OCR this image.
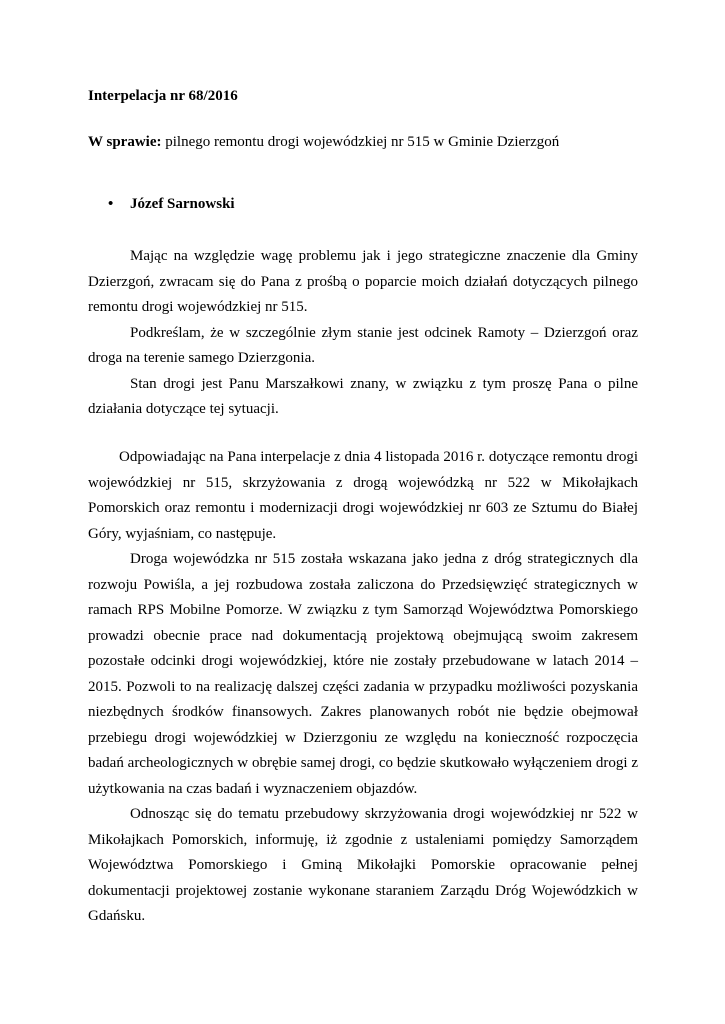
Interpelacja nr 68/2016
W sprawie: pilnego remontu drogi wojewódzkiej nr 515 w Gminie Dzierzgoń
• Józef Sarnowski

Mając na względzie wagę problemu jak i jego strategiczne znaczenie dla Gminy Dzierzgoń, zwracam się do Pana z prośbą o poparcie moich działań dotyczących pilnego remontu drogi wojewódzkiej nr 515.

Podkreślam, że w szczególnie złym stanie jest odcinek Ramoty – Dzierzgoń oraz droga na terenie samego Dzierzgonia.

Stan drogi jest Panu Marszałkowi znany, w związku z tym proszę Pana o pilne działania dotyczące tej sytuacji.

Odpowiadając na Pana interpelacje z dnia 4 listopada 2016 r. dotyczące remontu drogi wojewódzkiej nr 515, skrzyżowania z drogą wojewódzką nr 522 w Mikołajkach Pomorskich oraz remontu i modernizacji drogi wojewódzkiej nr 603 ze Sztumu do Białej Góry, wyjaśniam, co następuje.

Droga wojewódzka nr 515 została wskazana jako jedna z dróg strategicznych dla rozwoju Powiśla, a jej rozbudowa została zaliczona do Przedsięwzięć strategicznych w ramach RPS Mobilne Pomorze. W związku z tym Samorząd Województwa Pomorskiego prowadzi obecnie prace nad dokumentacją projektową obejmującą swoim zakresem pozostałe odcinki drogi wojewódzkiej, które nie zostały przebudowane w latach 2014 – 2015. Pozwoli to na realizację dalszej części zadania w przypadku możliwości pozyskania niezbędnych środków finansowych. Zakres planowanych robót nie będzie obejmował przebiegu drogi wojewódzkiej w Dzierzgoniu ze względu na konieczność rozpoczęcia badań archeologicznych w obrębie samej drogi, co będzie skutkowało wyłączeniem drogi z użytkowania na czas badań i wyznaczeniem objazdów.

Odnosząc się do tematu przebudowy skrzyżowania drogi wojewódzkiej nr 522 w Mikołajkach Pomorskich, informuję, iż zgodnie z ustaleniami pomiędzy Samorządem Województwa Pomorskiego i Gminą Mikołajki Pomorskie opracowanie pełnej dokumentacji projektowej zostanie wykonane staraniem Zarządu Dróg Wojewódzkich w Gdańsku.
